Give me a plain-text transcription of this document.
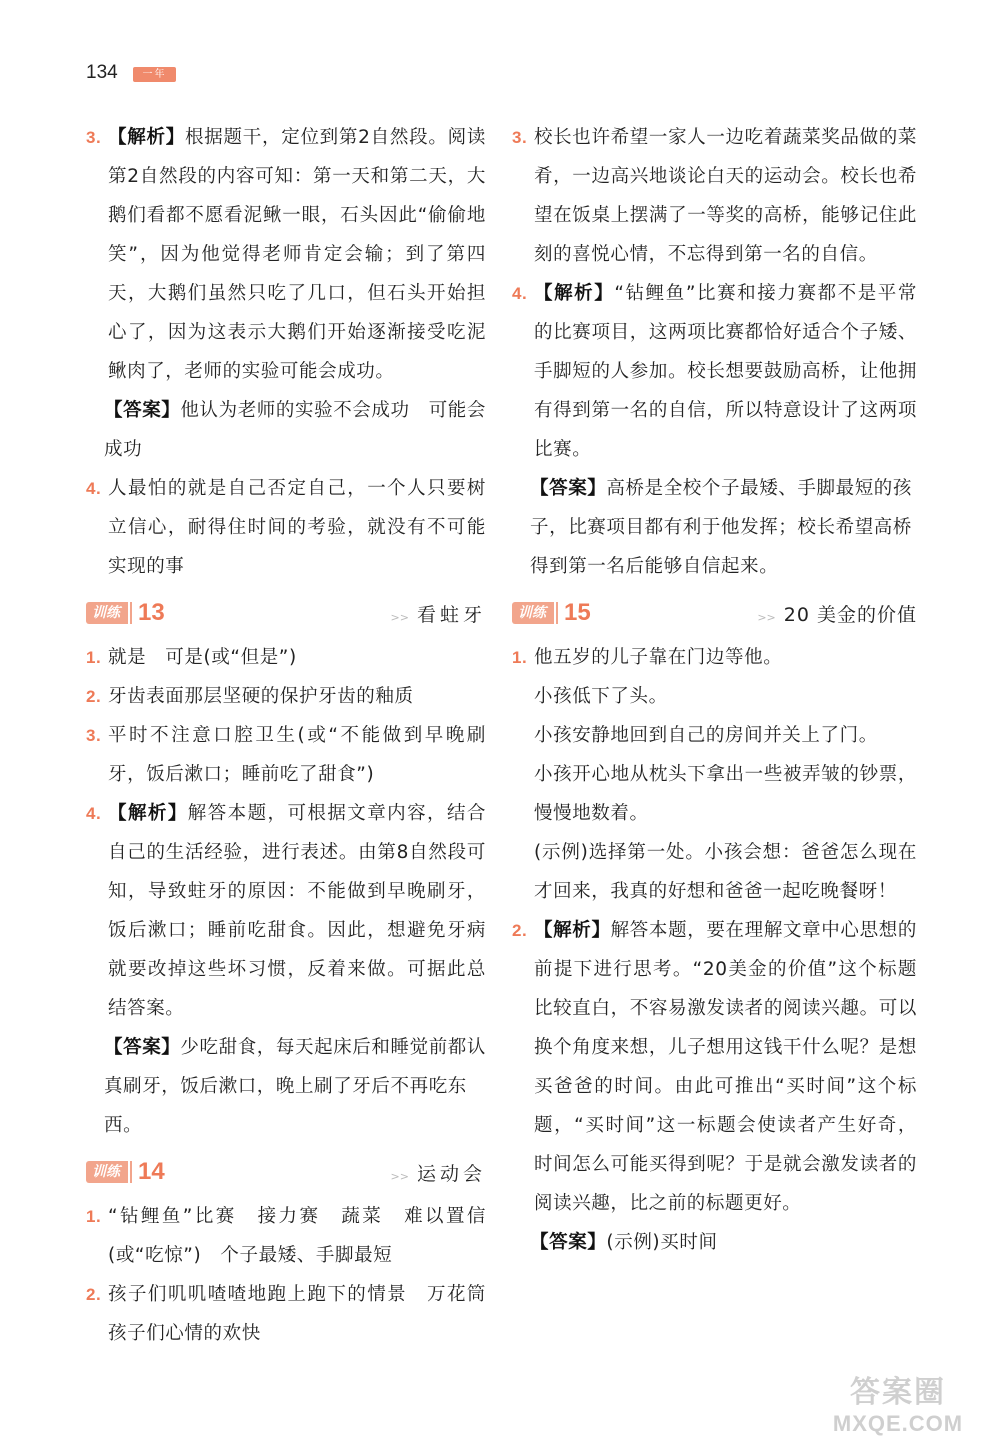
134	一年
3. 【解析】根据题干，定位到第2自然段。阅读第2自然段的内容可知：第一天和第二天，大鹅们看都不愿看泥鳅一眼，石头因此“偷偷地笑”，因为他觉得老师肯定会输；到了第四天，大鹅们虽然只吃了几口，但石头开始担心了，因为这表示大鹅们开始逐渐接受吃泥鳅肉了，老师的实验可能会成功。
【答案】他认为老师的实验不会成功　可能会成功
4. 人最怕的就是自己否定自己，一个人只要树立信心，耐得住时间的考验，就没有不可能实现的事
训练 13	>> 看蛀牙
1. 就是　可是(或“但是”)
2. 牙齿表面那层坚硬的保护牙齿的釉质
3. 平时不注意口腔卫生(或“不能做到早晚刷牙，饭后漱口；睡前吃了甜食”)
4. 【解析】解答本题，可根据文章内容，结合自己的生活经验，进行表述。由第8自然段可知，导致蛀牙的原因：不能做到早晚刷牙，饭后漱口；睡前吃甜食。因此，想避免牙病就要改掉这些坏习惯，反着来做。可据此总结答案。
【答案】少吃甜食，每天起床后和睡觉前都认真刷牙，饭后漱口，晚上刷了牙后不再吃东西。
训练 14	>> 运动会
1. “钻鲤鱼”比赛　接力赛　蔬菜　难以置信(或“吃惊”)　个子最矮、手脚最短
2. 孩子们叽叽喳喳地跑上跑下的情景　万花筒　孩子们心情的欢快
3. 校长也许希望一家人一边吃着蔬菜奖品做的菜肴，一边高兴地谈论白天的运动会。校长也希望在饭桌上摆满了一等奖的高桥，能够记住此刻的喜悦心情，不忘得到第一名的自信。
4. 【解析】“钻鲤鱼”比赛和接力赛都不是平常的比赛项目，这两项比赛都恰好适合个子矮、手脚短的人参加。校长想要鼓励高桥，让他拥有得到第一名的自信，所以特意设计了这两项比赛。
【答案】高桥是全校个子最矮、手脚最短的孩子，比赛项目都有利于他发挥；校长希望高桥得到第一名后能够自信起来。
训练 15	>> 20 美金的价值
1. 他五岁的儿子靠在门边等他。
小孩低下了头。
小孩安静地回到自己的房间并关上了门。
小孩开心地从枕头下拿出一些被弄皱的钞票，慢慢地数着。
(示例)选择第一处。小孩会想：爸爸怎么现在才回来，我真的好想和爸爸一起吃晚餐呀！
2. 【解析】解答本题，要在理解文章中心思想的前提下进行思考。“20美金的价值”这个标题比较直白，不容易激发读者的阅读兴趣。可以换个角度来想，儿子想用这钱干什么呢？是想买爸爸的时间。由此可推出“买时间”这个标题，“买时间”这一标题会使读者产生好奇，时间怎么可能买得到呢？于是就会激发读者的阅读兴趣，比之前的标题更好。
【答案】(示例)买时间
答案圈
MXQE.COM
